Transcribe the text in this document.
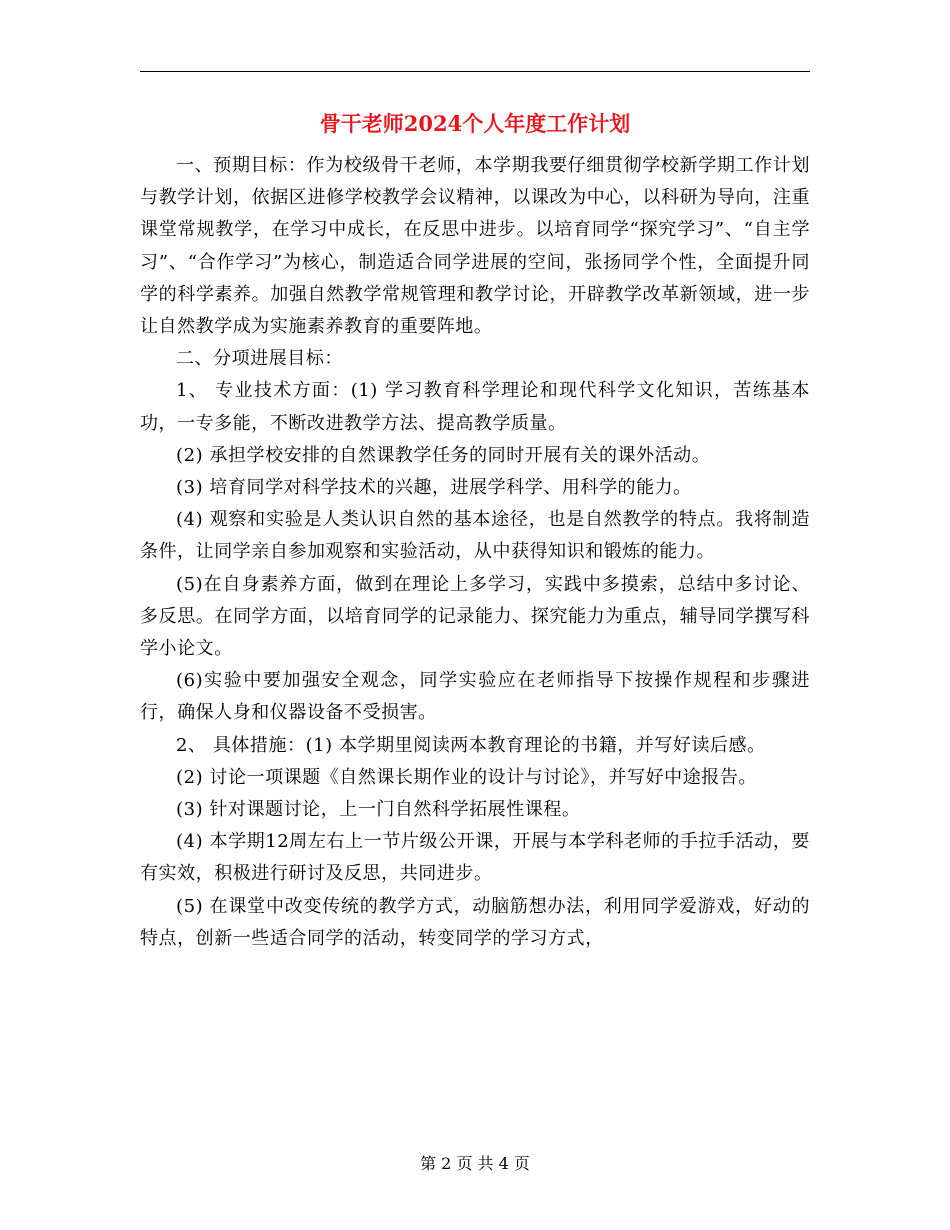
骨干老师2024个人年度工作计划

一、预期目标：作为校级骨干老师，本学期我要仔细贯彻学校新学期工作计划与教学计划，依据区进修学校教学会议精神，以课改为中心，以科研为导向，注重课堂常规教学，在学习中成长，在反思中进步。以培育同学“探究学习”、“自主学习”、“合作学习”为核心，制造适合同学进展的空间，张扬同学个性，全面提升同学的科学素养。加强自然教学常规管理和教学讨论，开辟教学改革新领域，进一步让自然教学成为实施素养教育的重要阵地。

二、分项进展目标：

1、 专业技术方面：(1) 学习教育科学理论和现代科学文化知识，苦练基本功，一专多能，不断改进教学方法、提高教学质量。

(2) 承担学校安排的自然课教学任务的同时开展有关的课外活动。

(3) 培育同学对科学技术的兴趣，进展学科学、用科学的能力。

(4) 观察和实验是人类认识自然的基本途径，也是自然教学的特点。我将制造条件，让同学亲自参加观察和实验活动，从中获得知识和锻炼的能力。

(5)在自身素养方面，做到在理论上多学习，实践中多摸索，总结中多讨论、多反思。在同学方面，以培育同学的记录能力、探究能力为重点，辅导同学撰写科学小论文。

(6)实验中要加强安全观念，同学实验应在老师指导下按操作规程和步骤进行，确保人身和仪器设备不受损害。

2、 具体措施：(1) 本学期里阅读两本教育理论的书籍，并写好读后感。

(2) 讨论一项课题《自然课长期作业的设计与讨论》，并写好中途报告。

(3) 针对课题讨论，上一门自然科学拓展性课程。

(4) 本学期12周左右上一节片级公开课，开展与本学科老师的手拉手活动，要有实效，积极进行研讨及反思，共同进步。

(5) 在课堂中改变传统的教学方式，动脑筋想办法，利用同学爱游戏，好动的特点，创新一些适合同学的活动，转变同学的学习方式，

第 2 页 共 4 页
